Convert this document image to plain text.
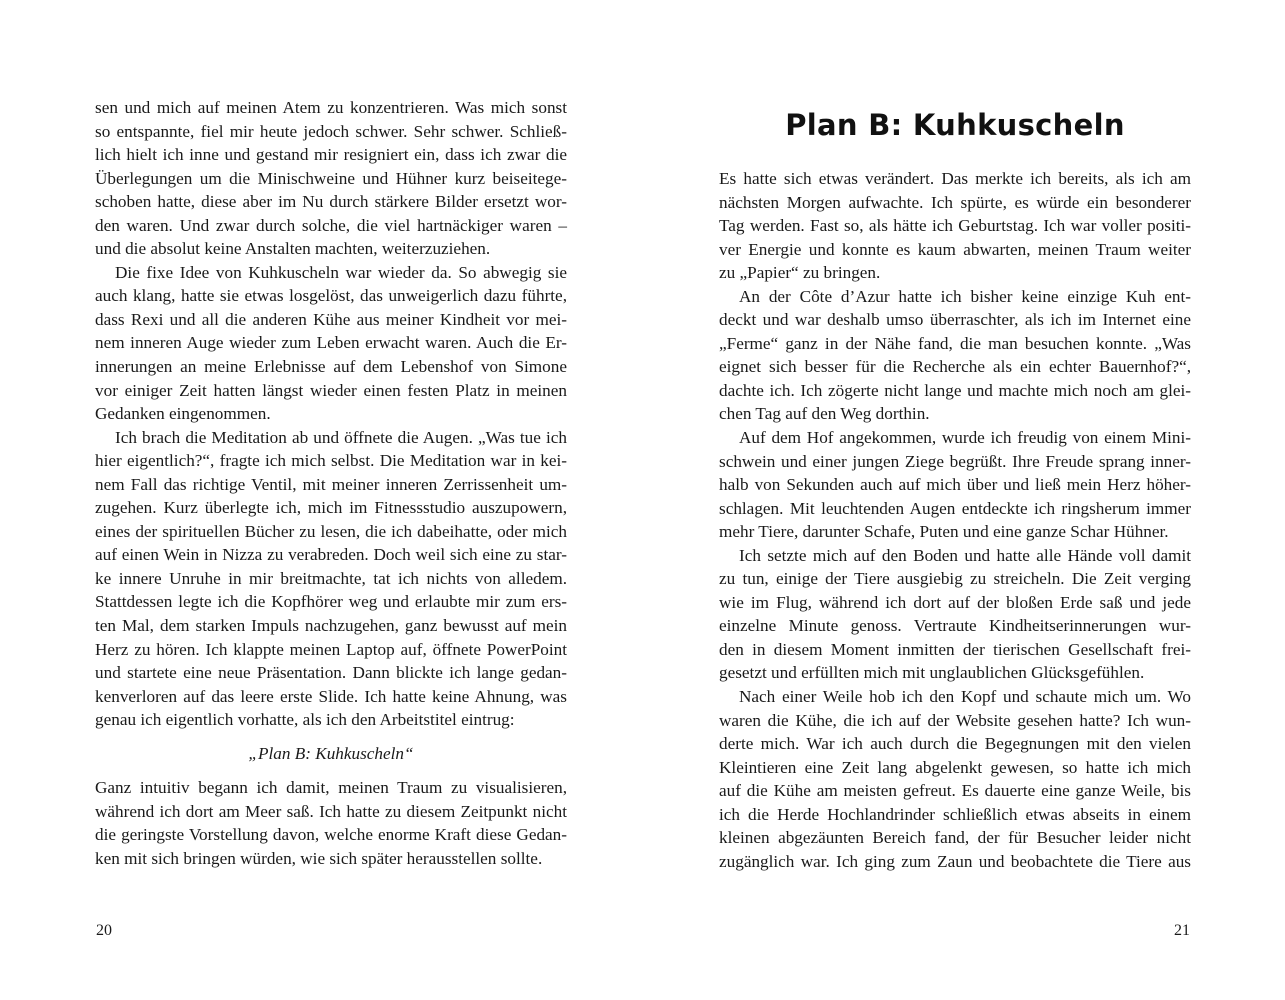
sen und mich auf meinen Atem zu konzentrieren. Was mich sonst
so entspannte, fiel mir heute jedoch schwer. Sehr schwer. Schließ-
lich hielt ich inne und gestand mir resigniert ein, dass ich zwar die
Überlegungen um die Minischweine und Hühner kurz beiseitege-
schoben hatte, diese aber im Nu durch stärkere Bilder ersetzt wor-
den waren. Und zwar durch solche, die viel hartnäckiger waren –
und die absolut keine Anstalten machten, weiterzuziehen.
Die fixe Idee von Kuhkuscheln war wieder da. So abwegig sie
auch klang, hatte sie etwas losgelöst, das unweigerlich dazu führte,
dass Rexi und all die anderen Kühe aus meiner Kindheit vor mei-
nem inneren Auge wieder zum Leben erwacht waren. Auch die Er-
innerungen an meine Erlebnisse auf dem Lebenshof von Simone
vor einiger Zeit hatten längst wieder einen festen Platz in meinen
Gedanken eingenommen.
Ich brach die Meditation ab und öffnete die Augen. „Was tue ich
hier eigentlich?“, fragte ich mich selbst. Die Meditation war in kei-
nem Fall das richtige Ventil, mit meiner inneren Zerrissenheit um-
zugehen. Kurz überlegte ich, mich im Fitnessstudio auszupowern,
eines der spirituellen Bücher zu lesen, die ich dabeihatte, oder mich
auf einen Wein in Nizza zu verabreden. Doch weil sich eine zu star-
ke innere Unruhe in mir breitmachte, tat ich nichts von alledem.
Stattdessen legte ich die Kopfhörer weg und erlaubte mir zum ers-
ten Mal, dem starken Impuls nachzugehen, ganz bewusst auf mein
Herz zu hören. Ich klappte meinen Laptop auf, öffnete PowerPoint
und startete eine neue Präsentation. Dann blickte ich lange gedan-
kenverloren auf das leere erste Slide. Ich hatte keine Ahnung, was
genau ich eigentlich vorhatte, als ich den Arbeitstitel eintrug:
„Plan B: Kuhkuscheln“
Ganz intuitiv begann ich damit, meinen Traum zu visualisieren,
während ich dort am Meer saß. Ich hatte zu diesem Zeitpunkt nicht
die geringste Vorstellung davon, welche enorme Kraft diese Gedan-
ken mit sich bringen würden, wie sich später herausstellen sollte.
20
Plan B: Kuhkuscheln
Es hatte sich etwas verändert. Das merkte ich bereits, als ich am
nächsten Morgen aufwachte. Ich spürte, es würde ein besonderer
Tag werden. Fast so, als hätte ich Geburtstag. Ich war voller positi-
ver Energie und konnte es kaum abwarten, meinen Traum weiter
zu „Papier“ zu bringen.
An der Côte d’Azur hatte ich bisher keine einzige Kuh ent-
deckt und war deshalb umso überraschter, als ich im Internet eine
„Ferme“ ganz in der Nähe fand, die man besuchen konnte. „Was
eignet sich besser für die Recherche als ein echter Bauernhof?“,
dachte ich. Ich zögerte nicht lange und machte mich noch am glei-
chen Tag auf den Weg dorthin.
Auf dem Hof angekommen, wurde ich freudig von einem Mini-
schwein und einer jungen Ziege begrüßt. Ihre Freude sprang inner-
halb von Sekunden auch auf mich über und ließ mein Herz höher-
schlagen. Mit leuchtenden Augen entdeckte ich ringsherum immer
mehr Tiere, darunter Schafe, Puten und eine ganze Schar Hühner.
Ich setzte mich auf den Boden und hatte alle Hände voll damit
zu tun, einige der Tiere ausgiebig zu streicheln. Die Zeit verging
wie im Flug, während ich dort auf der bloßen Erde saß und jede
einzelne Minute genoss. Vertraute Kindheitserinnerungen wur-
den in diesem Moment inmitten der tierischen Gesellschaft frei-
gesetzt und erfüllten mich mit unglaublichen Glücksgefühlen.
Nach einer Weile hob ich den Kopf und schaute mich um. Wo
waren die Kühe, die ich auf der Website gesehen hatte? Ich wun-
derte mich. War ich auch durch die Begegnungen mit den vielen
Kleintieren eine Zeit lang abgelenkt gewesen, so hatte ich mich
auf die Kühe am meisten gefreut. Es dauerte eine ganze Weile, bis
ich die Herde Hochlandrinder schließlich etwas abseits in einem
kleinen abgezäunten Bereich fand, der für Besucher leider nicht
zugänglich war. Ich ging zum Zaun und beobachtete die Tiere aus
21
